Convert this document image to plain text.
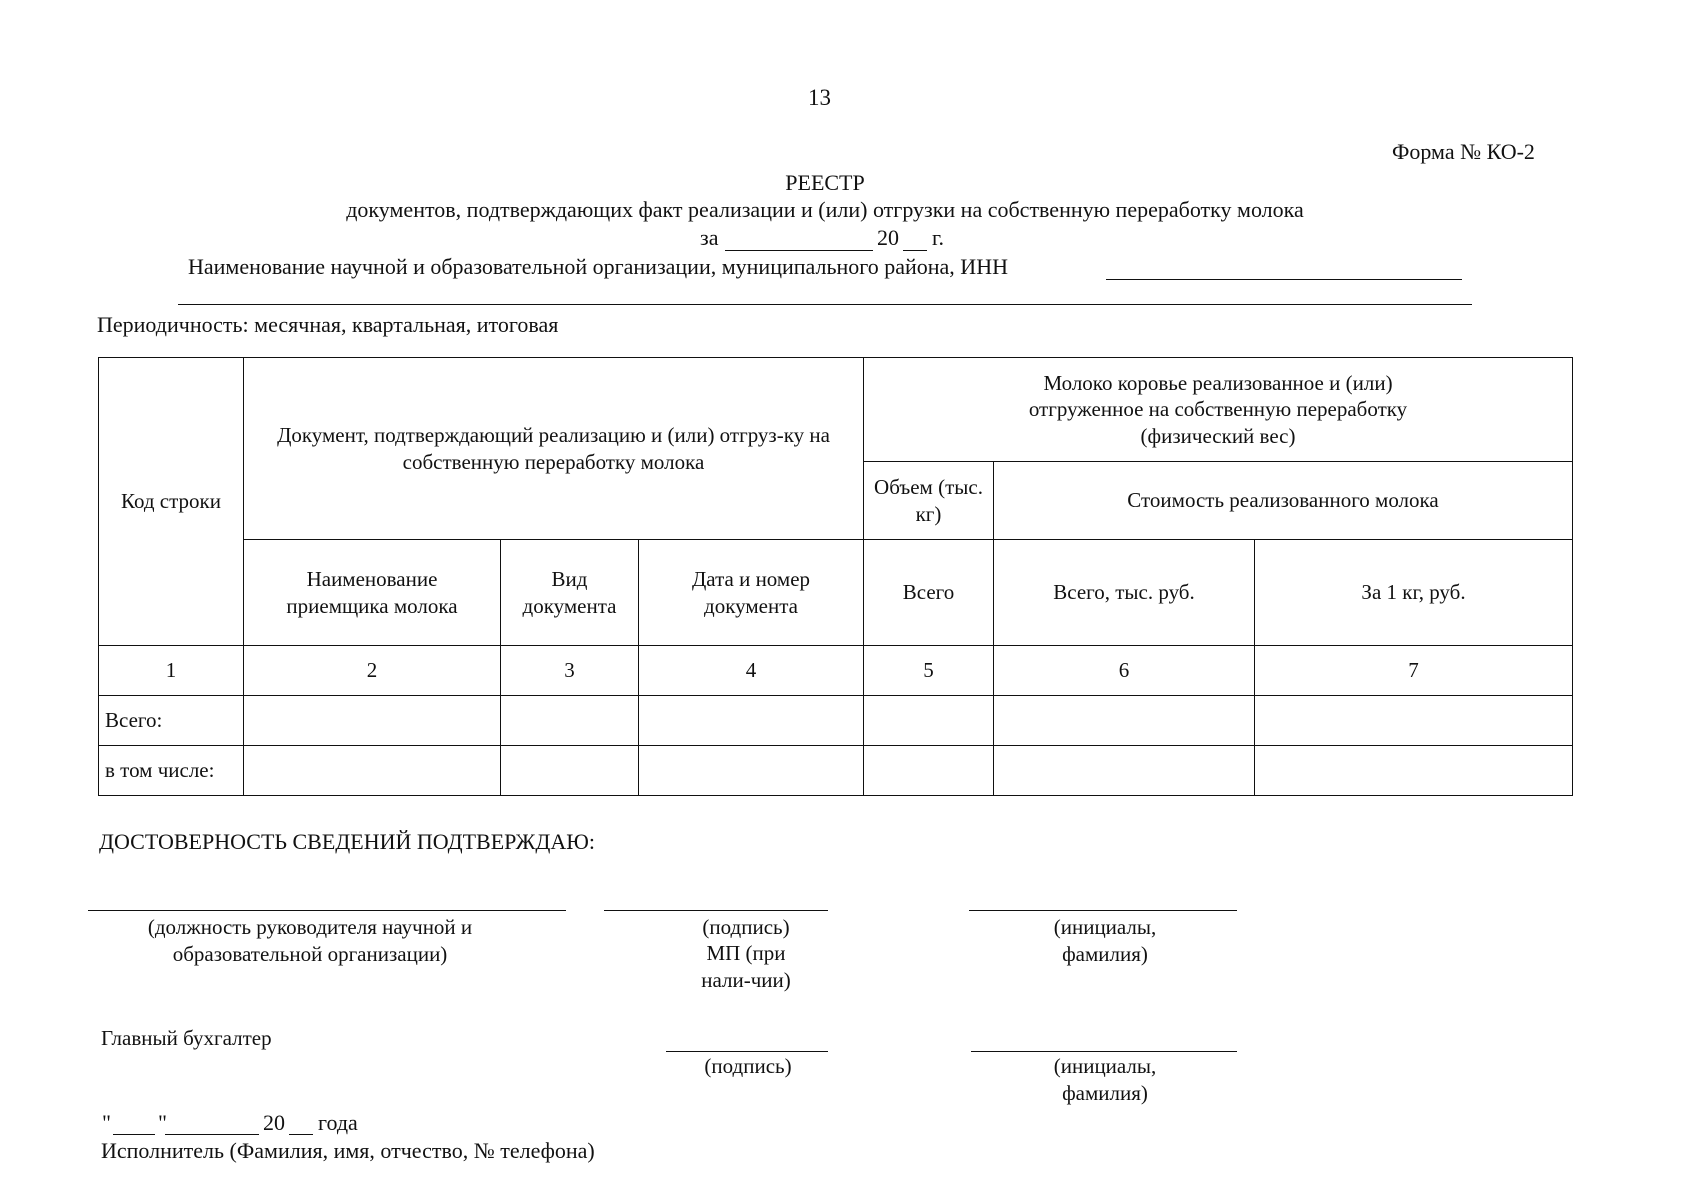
13
Форма № КО-2
РЕЕСТР
документов, подтверждающих факт реализации и (или) отгрузки на собственную переработку молока
за	20 г.
Наименование научной и образовательной организации, муниципального района, ИНН
Периодичность: месячная, квартальная, итоговая
Код строки	Документ, подтверждающий реализацию и (или) отгруз-ку на собственную переработку молока			Молоко коровье реализованное и (или) отгруженное на собственную переработку (физический вес)		
				Объем (тыс. кг)	Стоимость реализованного молока	
	Наименование приемщика молока	Вид документа	Дата и номер документа	Всего	Всего, тыс. руб.	За 1 кг, руб.
1	2	3	4	5	6	7
Всего:						
в том числе:						
ДОСТОВЕРНОСТЬ СВЕДЕНИЙ ПОДТВЕРЖДАЮ:
(должность руководителя научной и образовательной организации)
(подпись)
МП (при нали-чии)
(инициалы, фамилия)
Главный бухгалтер
(подпись)	(инициалы, фамилия)
" "	20 года
Исполнитель (Фамилия, имя, отчество, № телефона)
